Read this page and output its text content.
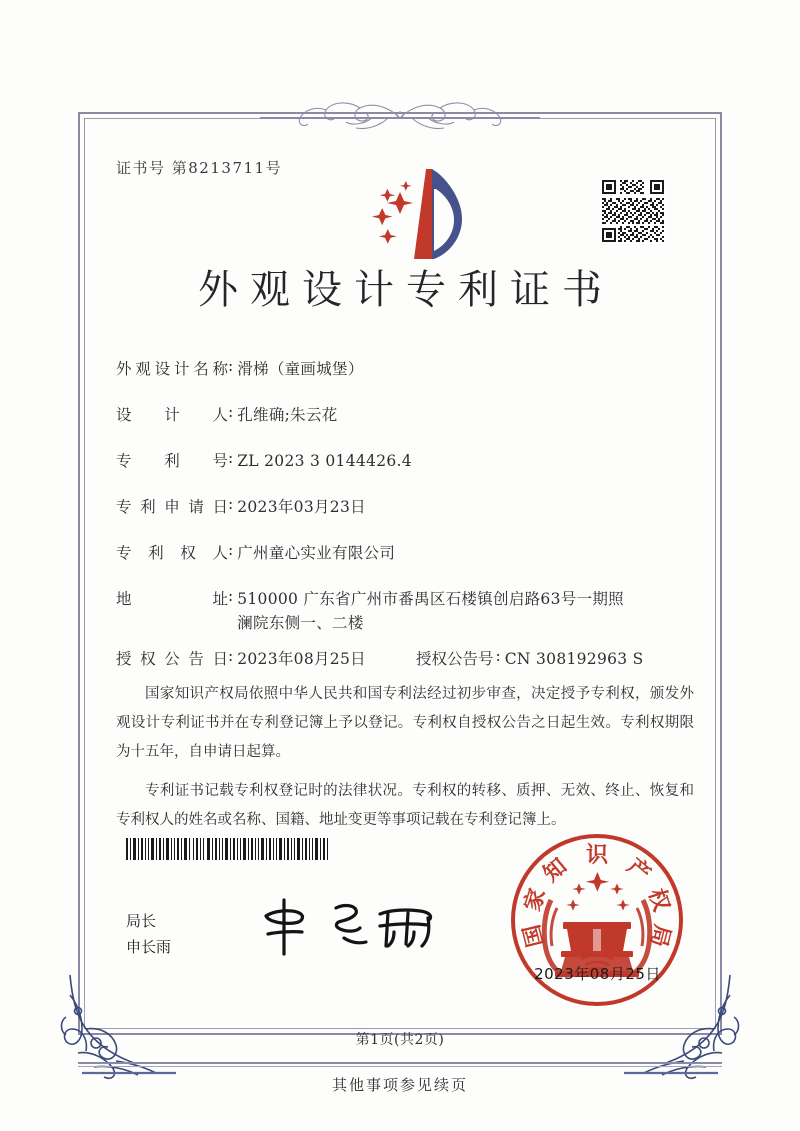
证书号 第8213711号
外观设计专利证书
外 观 设 计 名 称 : 滑梯（童画城堡）
设 计 人 : 孔维确;朱云花
专 利 号 : ZL 2023 3 0144426.4
专 利 申 请 日 : 2023年03月23日
专 利 权 人 : 广州童心实业有限公司
地	址 : 510000 广东省广州市番禺区石楼镇创启路63号一期照澜院东侧一、二楼
授 权 公 告 日 : 2023年08月25日	授权公告号 : CN 308192963 S

国家知识产权局依照中华人民共和国专利法经过初步审查，决定授予专利权，颁发外观设计专利证书并在专利登记簿上予以登记。专利权自授权公告之日起生效。专利权期限为十五年，自申请日起算。

专利证书记载专利权登记时的法律状况。专利权的转移、质押、无效、终止、恢复和专利权人的姓名或名称、国籍、地址变更等事项记载在专利登记簿上。

局长
申长雨
识
知
家
国
产
权
局
2023年08月25日
第1页(共2页)
其他事项参见续页
